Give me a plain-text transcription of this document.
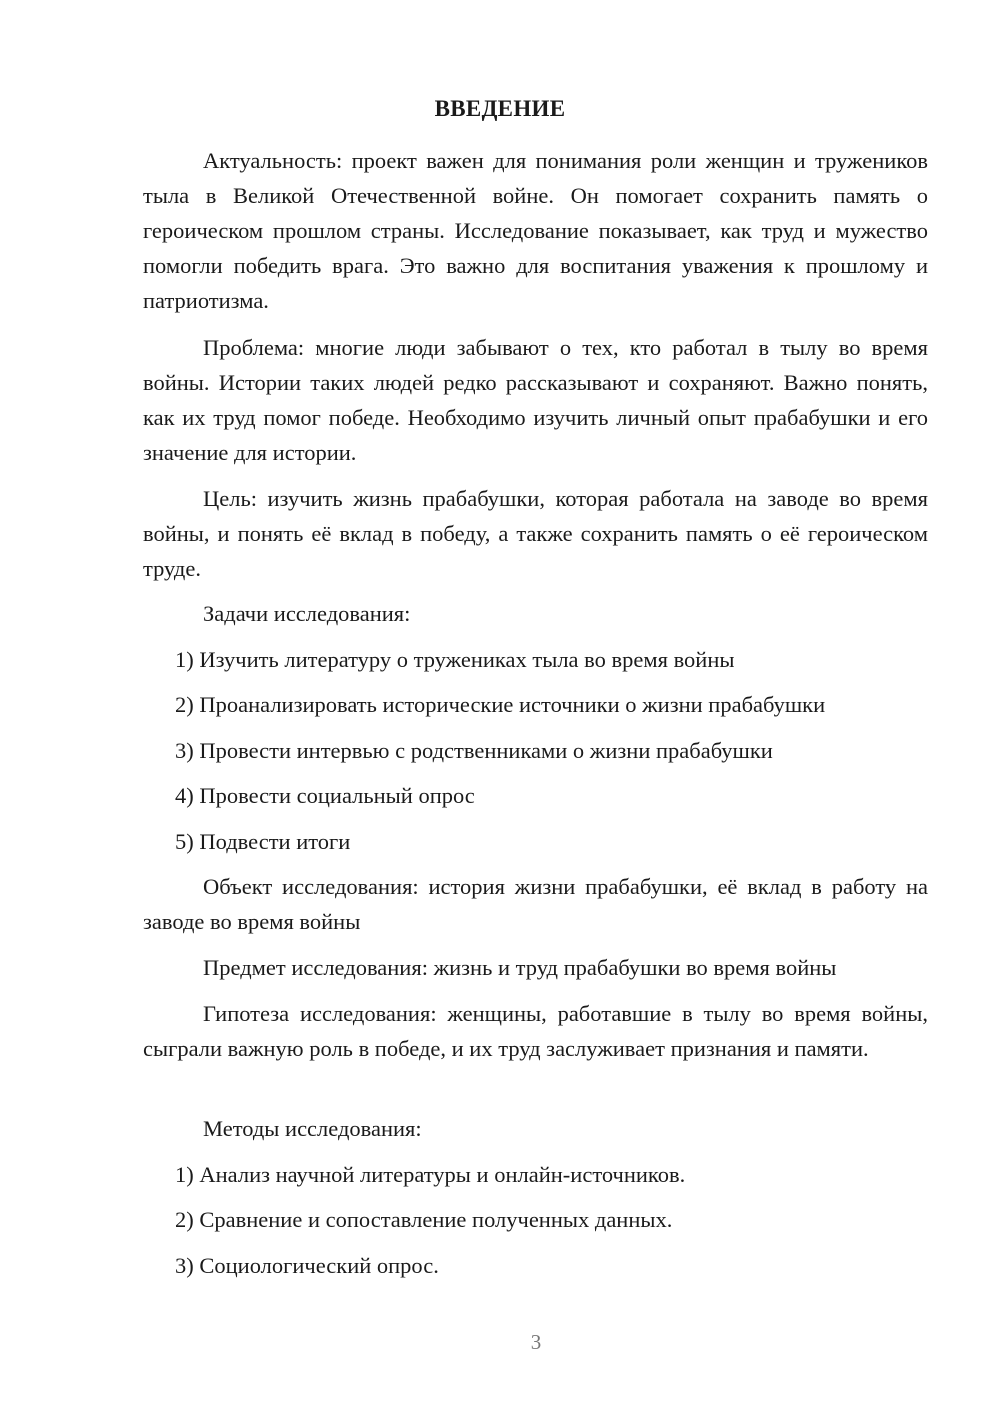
ВВЕДЕНИЕ

Актуальность: проект важен для понимания роли женщин и тружеников тыла в Великой Отечественной войне. Он помогает сохранить память о героическом прошлом страны. Исследование показывает, как труд и мужество помогли победить врага. Это важно для воспитания уважения к прошлому и патриотизма.

Проблема: многие люди забывают о тех, кто работал в тылу во время войны. Истории таких людей редко рассказывают и сохраняют. Важно понять, как их труд помог победе. Необходимо изучить личный опыт прабабушки и его значение для истории.

Цель: изучить жизнь прабабушки, которая работала на заводе во время войны, и понять её вклад в победу, а также сохранить память о её героическом труде.

Задачи исследования:

1) Изучить литературу о тружениках тыла во время войны

2) Проанализировать исторические источники о жизни прабабушки

3) Провести интервью с родственниками о жизни прабабушки

4) Провести социальный опрос

5) Подвести итоги

Объект исследования: история жизни прабабушки, её вклад в работу на заводе во время войны

Предмет исследования: жизнь и труд прабабушки во время войны

Гипотеза исследования: женщины, работавшие в тылу во время войны, сыграли важную роль в победе, и их труд заслуживает признания и памяти.

Методы исследования:

1) Анализ научной литературы и онлайн-источников.

2) Сравнение и сопоставление полученных данных.

3) Социологический опрос.

3
